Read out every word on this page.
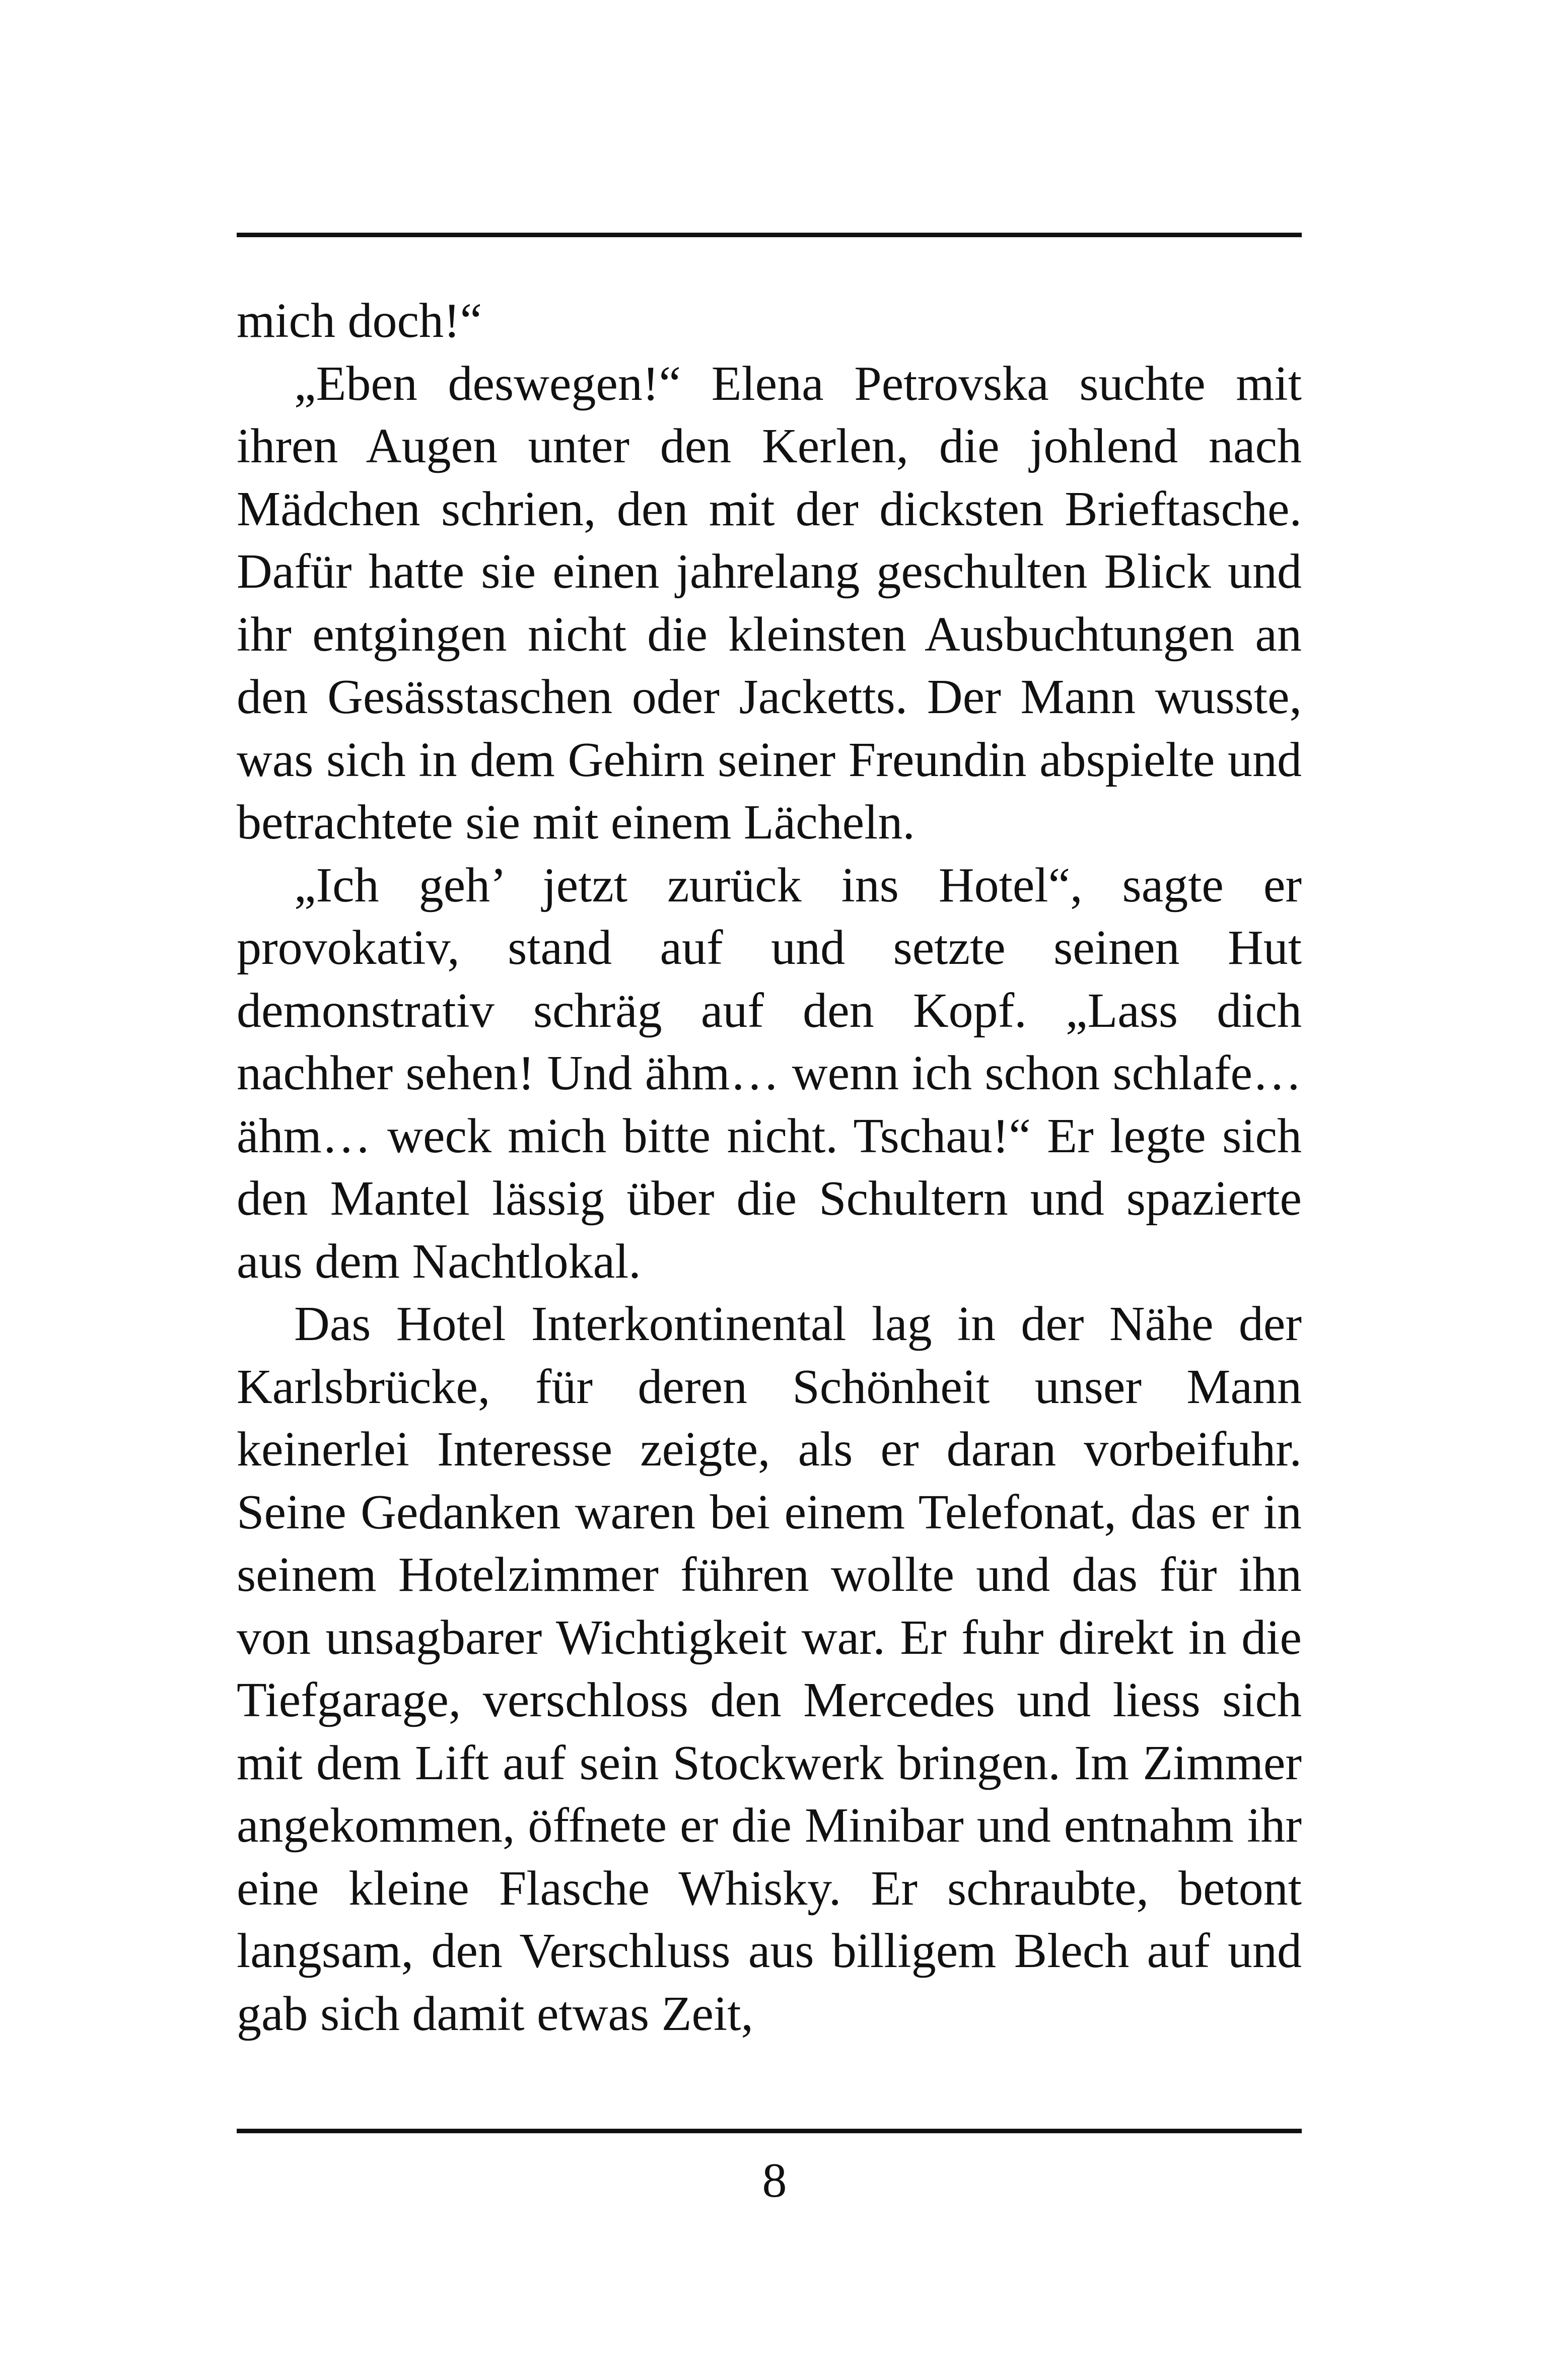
mich doch!“

„Eben deswegen!“ Elena Petrovska suchte mit ihren Augen unter den Kerlen, die johlend nach Mädchen schrien, den mit der dicksten Brieftasche. Dafür hatte sie einen jahrelang geschulten Blick und ihr entgingen nicht die kleinsten Ausbuchtungen an den Gesässtaschen oder Jacketts. Der Mann wusste, was sich in dem Gehirn seiner Freundin abspielte und betrachtete sie mit einem Lächeln.

„Ich geh’ jetzt zurück ins Hotel“, sagte er provokativ, stand auf und setzte seinen Hut demonstrativ schräg auf den Kopf. „Lass dich nachher sehen! Und ähm… wenn ich schon schlafe… ähm… weck mich bitte nicht. Tschau!“ Er legte sich den Mantel lässig über die Schultern und spazierte aus dem Nachtlokal.

Das Hotel Interkontinental lag in der Nähe der Karlsbrücke, für deren Schönheit unser Mann keinerlei Interesse zeigte, als er daran vorbeifuhr. Seine Gedanken waren bei einem Telefonat, das er in seinem Hotelzimmer führen wollte und das für ihn von unsagbarer Wichtigkeit war. Er fuhr direkt in die Tiefgarage, verschloss den Mercedes und liess sich mit dem Lift auf sein Stockwerk bringen. Im Zimmer angekommen, öffnete er die Minibar und entnahm ihr eine kleine Flasche Whisky. Er schraubte, betont langsam, den Verschluss aus billigem Blech auf und gab sich damit etwas Zeit,

8
